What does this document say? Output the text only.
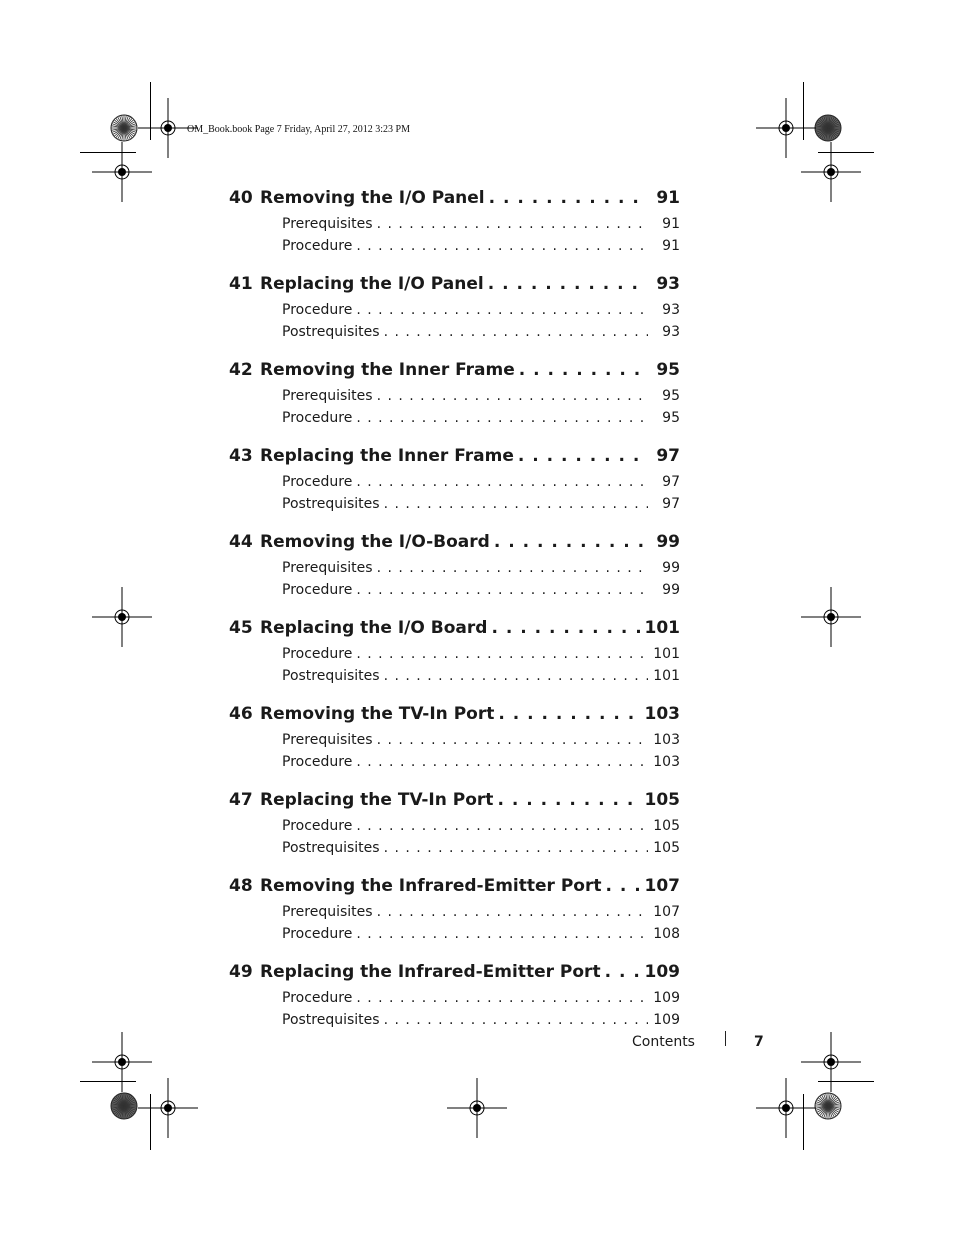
OM_Book.book Page 7 Friday, April 27, 2012 3:23 PM
40 Removing the I/O Panel . . .	91
Prerequisites . . .	91
Procedure . . .	91
41 Replacing the I/O Panel . . .	93
Procedure . . .	93
Postrequisites . . .	93
42 Removing the Inner Frame . . .	95
Prerequisites . . .	95
Procedure . . .	95
43 Replacing the Inner Frame . . .	97
Procedure . . .	97
Postrequisites . . .	97
44 Removing the I/O-Board . . .	99
Prerequisites . . .	99
Procedure . . .	99
45 Replacing the I/O Board . . .	101
Procedure . . .	101
Postrequisites . . .	101
46 Removing the TV-In Port . . .	103
Prerequisites . . .	103
Procedure . . .	103
47 Replacing the TV-In Port . . .	105
Procedure . . .	105
Postrequisites . . .	105
48 Removing the Infrared-Emitter Port . . .	107
Prerequisites . . .	107
Procedure . . .	108
49 Replacing the Infrared-Emitter Port . . .	109
Procedure . . .	109
Postrequisites . . .	109
Contents	7
